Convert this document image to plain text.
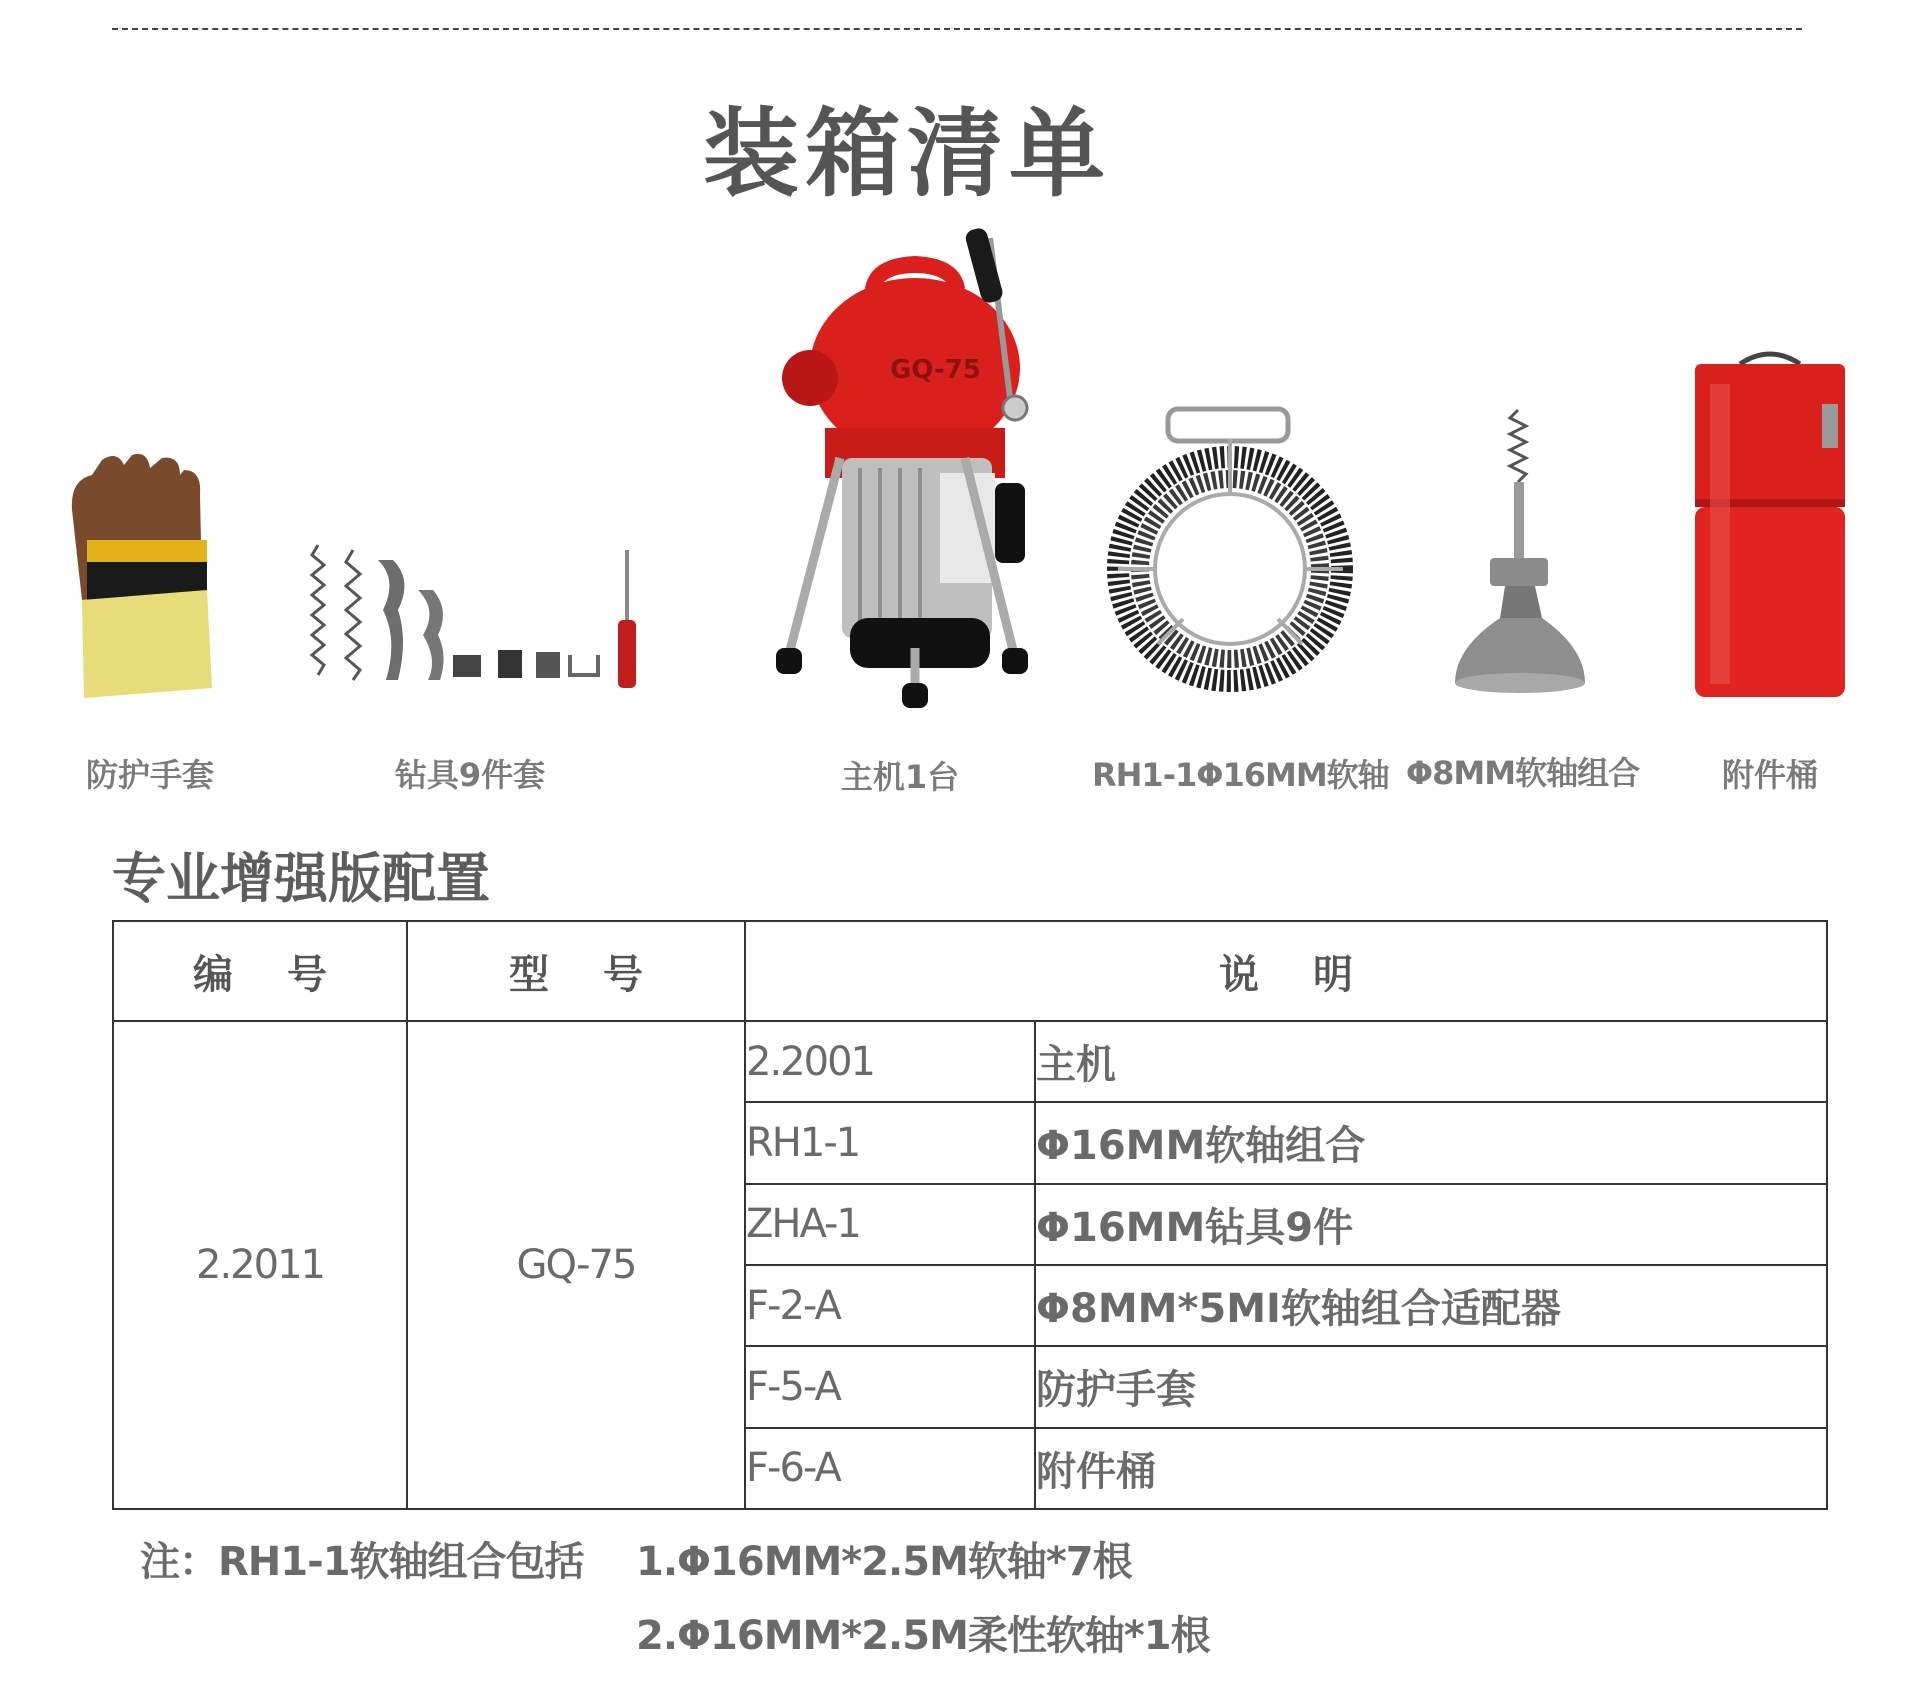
装箱清单
防护手套	钻具9件套
GQ-75
主机1台	RH1-1Φ16MM软轴 Φ8MM软轴组合	附件桶
专业增强版配置
编号	型号	说明	
2.2011	GQ-75	2.2001	主机
		RH1-1	Φ16MM软轴组合
		ZHA-1	Φ16MM钻具9件
		F-2-A	Φ8MM*5MI软轴组合适配器
		F-5-A	防护手套
		F-6-A	附件桶
注：RH1-1软轴组合包括 1.Φ16MM*2.5M软轴*7根
2.Φ16MM*2.5M柔性软轴*1根
